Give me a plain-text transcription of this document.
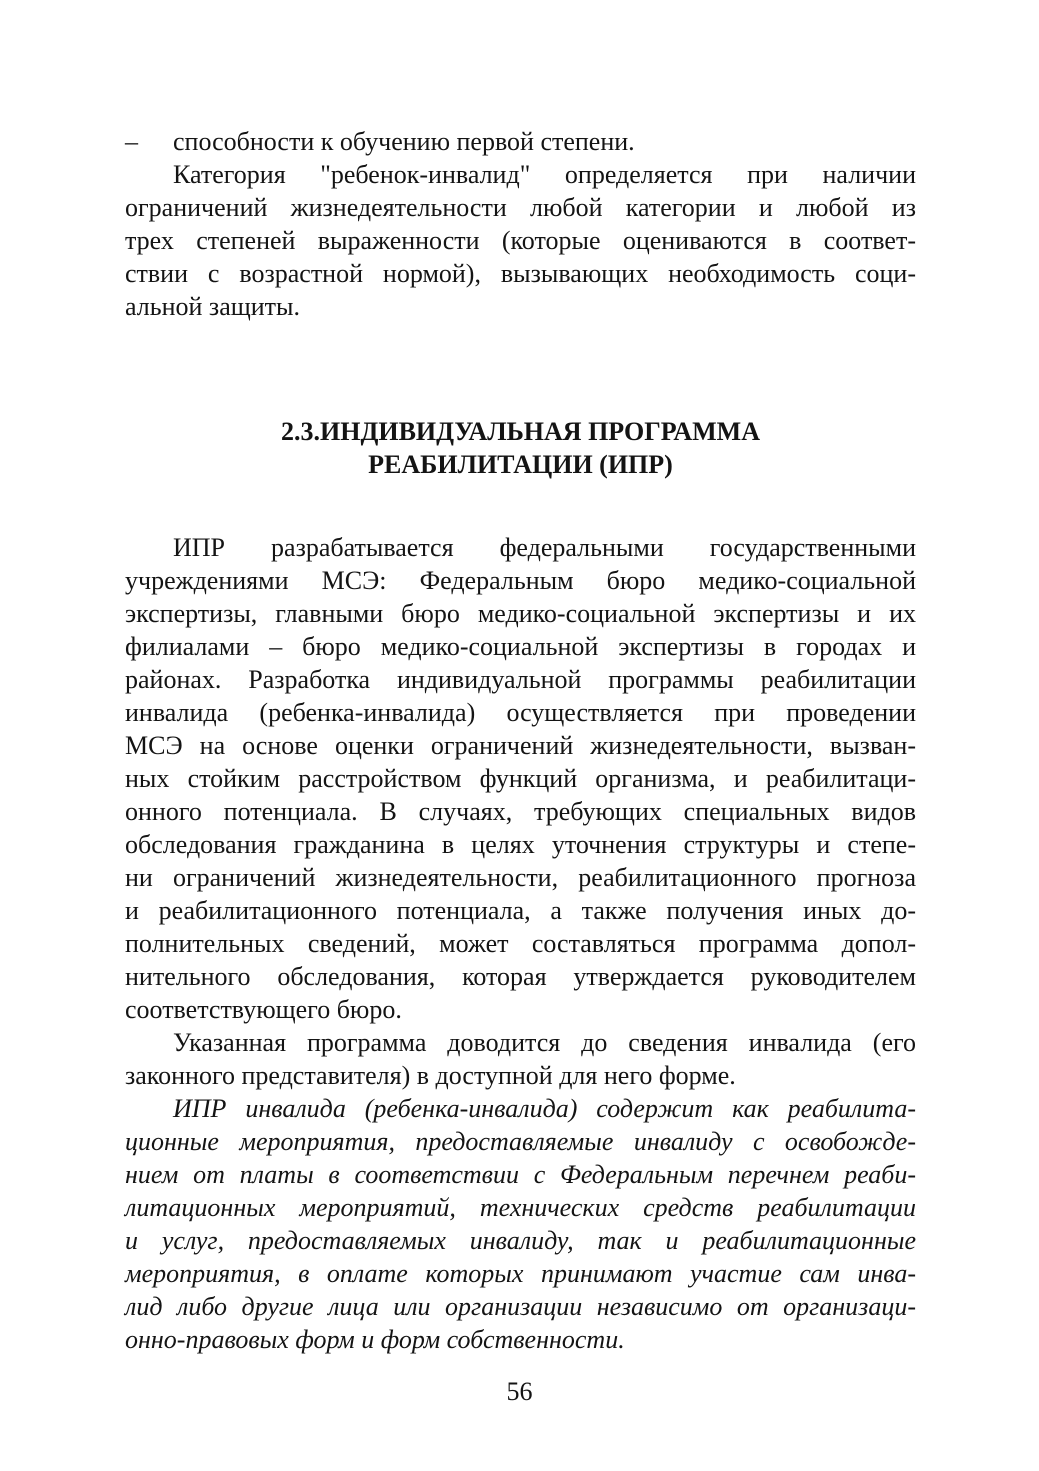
– способности к обучению первой степени.

Категория "ребенок-инвалид" определяется при наличии
ограничений жизнедеятельности любой категории и любой из
трех степеней выраженности (которые оцениваются в соответ-
ствии с возрастной нормой), вызывающих необходимость соци-
альной защиты.

2.3.ИНДИВИДУАЛЬНАЯ ПРОГРАММА
РЕАБИЛИТАЦИИ (ИПР)

ИПР разрабатывается федеральными государственными
учреждениями МСЭ: Федеральным бюро медико-социальной
экспертизы, главными бюро медико-социальной экспертизы и их
филиалами – бюро медико-социальной экспертизы в городах и
районах. Разработка индивидуальной программы реабилитации
инвалида (ребенка-инвалида) осуществляется при проведении
МСЭ на основе оценки ограничений жизнедеятельности, вызван-
ных стойким расстройством функций организма, и реабилитаци-
онного потенциала. В случаях, требующих специальных видов
обследования гражданина в целях уточнения структуры и степе-
ни ограничений жизнедеятельности, реабилитационного прогноза
и реабилитационного потенциала, а также получения иных до-
полнительных сведений, может составляться программа допол-
нительного обследования, которая утверждается руководителем
соответствующего бюро.

Указанная программа доводится до сведения инвалида (его
законного представителя) в доступной для него форме.

ИПР инвалида (ребенка-инвалида) содержит как реабилита-
ционные мероприятия, предоставляемые инвалиду с освобожде-
нием от платы в соответствии с Федеральным перечнем реаби-
литационных мероприятий, технических средств реабилитации
и услуг, предоставляемых инвалиду, так и реабилитационные
мероприятия, в оплате которых принимают участие сам инва-
лид либо другие лица или организации независимо от организаци-
онно-правовых форм и форм собственности.

56
